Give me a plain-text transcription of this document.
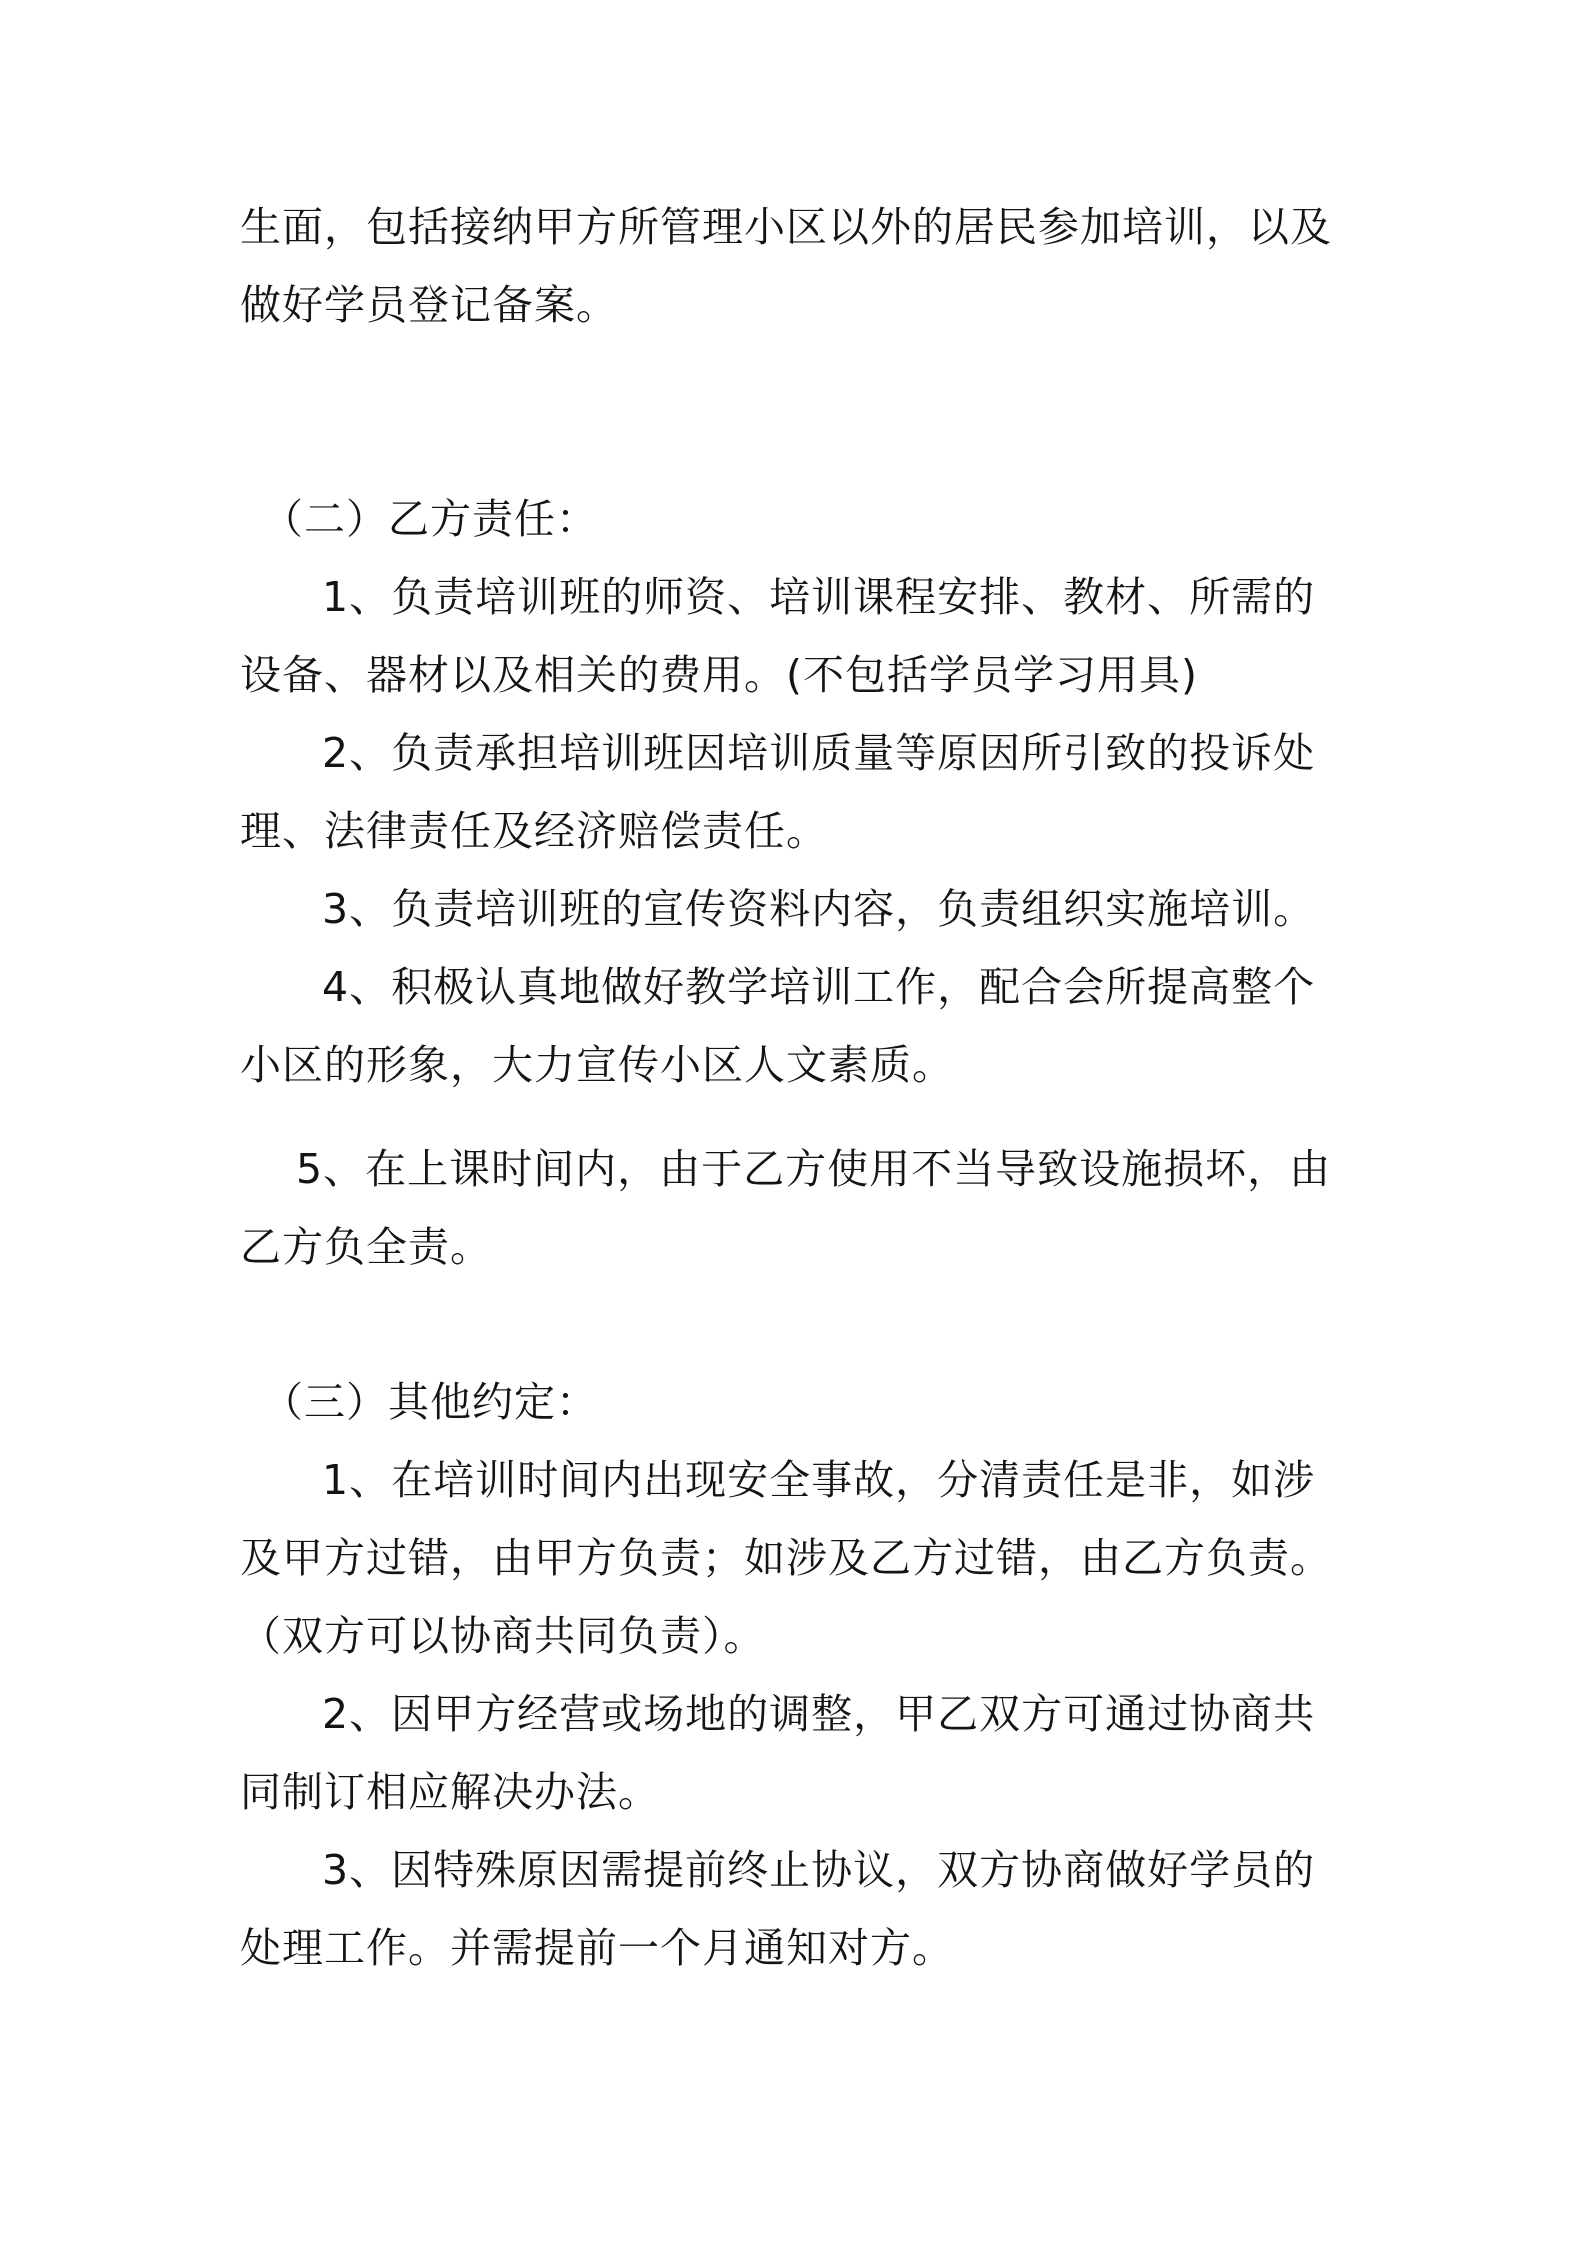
生面，包括接纳甲方所管理小区以外的居民参加培训，以及
做好学员登记备案。
（二）乙方责任：
1、负责培训班的师资、培训课程安排、教材、所需的
设备、器材以及相关的费用。(不包括学员学习用具)
2、负责承担培训班因培训质量等原因所引致的投诉处
理、法律责任及经济赔偿责任。
3、负责培训班的宣传资料内容，负责组织实施培训。
4、积极认真地做好教学培训工作，配合会所提高整个
小区的形象，大力宣传小区人文素质。
5、在上课时间内，由于乙方使用不当导致设施损坏，由
乙方负全责。
（三）其他约定：
1、在培训时间内出现安全事故，分清责任是非，如涉
及甲方过错，由甲方负责；如涉及乙方过错，由乙方负责。
（双方可以协商共同负责）。
2、因甲方经营或场地的调整，甲乙双方可通过协商共
同制订相应解决办法。
3、因特殊原因需提前终止协议，双方协商做好学员的
处理工作。并需提前一个月通知对方。
